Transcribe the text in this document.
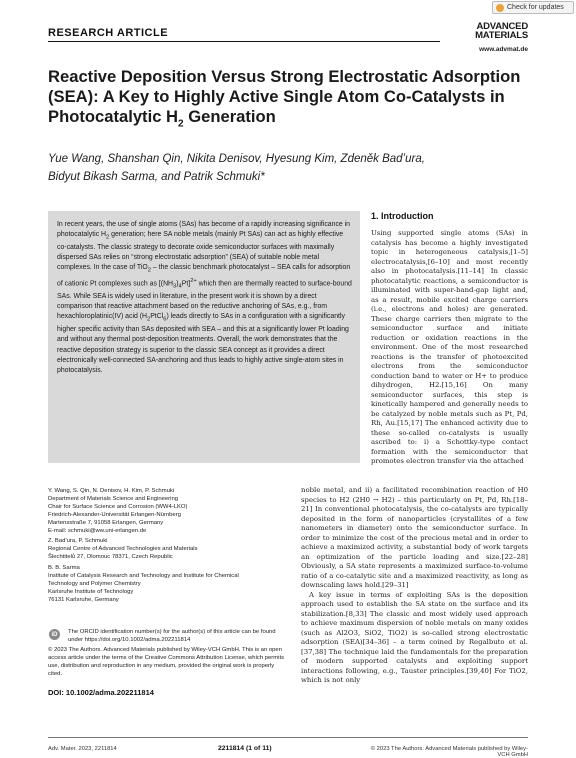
Check for updates
RESEARCH ARTICLE
ADVANCED
MATERIALS
www.advmat.de
Reactive Deposition Versus Strong Electrostatic Adsorption (SEA): A Key to Highly Active Single Atom Co-Catalysts in Photocatalytic $H_2$ Generation
Yue Wang, Shanshan Qin, Nikita Denisov, Hyesung Kim, Zdeněk Bad’ura,
Bidyut Bikash Sarma, and Patrik Schmuki*
In recent years, the use of single atoms (SAs) has become of a rapidly increasing significance in photocatalytic $H_2$ generation; here SA noble metals (mainly Pt SAs) can act as highly effective co-catalysts. The classic strategy to decorate oxide semiconductor surfaces with maximally dispersed SAs relies on “strong electrostatic adsorption” (SEA) of suitable noble metal complexes. In the case of TiO$_2$ – the classic benchmark photocatalyst – SEA calls for adsorption of cationic Pt complexes such as $[(NH_3)_4Pt]^{2+}$ which then are thermally reacted to surface-bound SAs. While SEA is widely used in literature, in the present work it is shown by a direct comparison that reactive attachment based on the reductive anchoring of SAs, e.g., from hexachloroplatinic(IV) acid $(H_2PtCl_6)$ leads directly to SAs in a configuration with a significantly higher specific activity than SAs deposited with SEA – and this at a significantly lower Pt loading and without any thermal post-deposition treatments. Overall, the work demonstrates that the reactive deposition strategy is superior to the classic SEA concept as it provides a direct electronically well-connected SA-anchoring and thus leads to highly active single-atom sites in photocatalysis.
1. Introduction
Using supported single atoms (SAs) in catalysis has become a highly investigated topic in heterogeneous catalysis,[1–5] electrocatalysis,[6–10] and most recently also in photocatalysis.[11–14] In classic photocatalytic reactions, a semiconductor is illuminated with super-band-gap light and, as a result, mobile excited charge carriers (i.e., electrons and holes) are generated. These charge carriers then migrate to the semiconductor surface and initiate reduction or oxidation reactions in the environment. One of the most researched reactions is the transfer of photoexcited electrons from the semiconductor conduction band to water or H+ to produce dihydrogen, H2.[15,16] On many semiconductor surfaces, this step is kinetically hampered and generally needs to be catalyzed by noble metals such as Pt, Pd, Rh, Au.[15,17] The enhanced activity due to these so-called co-catalysts is usually ascribed to: i) a Schottky-type contact formation with the semiconductor that promotes electron transfer via the attached

noble metal, and ii) a facilitated recombination reaction of H0 species to H2 (2H0 → H2) – this particularly on Pt, Pd, Rh.[18–21] In conventional photocatalysis, the co-catalysts are typically deposited in the form of nanoparticles (crystallites of a few nanometers in diameter) onto the semiconductor surface. In order to minimize the cost of the precious metal and in order to achieve a maximized activity, a substantial body of work targets an optimization of the particle loading and size.[22–28] Obviously, a SA state represents a maximized surface-to-volume ratio of a co-catalytic site and a maximized reactivity, as long as downscaling laws hold.[29–31]

A key issue in terms of exploiting SAs is the deposition approach used to establish the SA state on the surface and its stabilization.[8,33] The classic and most widely used approach to achieve maximum dispersion of noble metals on many oxides (such as Al2O3, SiO2, TiO2) is so-called strong electrostatic adsorption (SEA)[34–36] – a term coined by Regalbuto et al.[37,38] The technique laid the fundamentals for the preparation of modern supported catalysts and exploiting support interactions following, e.g., Tauster principles.[39,40] For TiO2, which is not only

Y. Wang, S. Qin, N. Denisov, H. Kim, P. Schmuki
Department of Materials Science and Engineering
Chair for Surface Science and Corrosion (WW4-LKO)
Friedrich-Alexander-Universität Erlangen-Nürnberg
Martensstraße 7, 91058 Erlangen, Germany
E-mail: schmuki@ww.uni-erlangen.de
Z. Bad’ura, P. Schmuki
Regional Centre of Advanced Technologies and Materials
Šlechtitelů 27, Olomouc 78371, Czech Republic
B. B. Sarma
Institute of Catalysis Research and Technology and Institute for Chemical
Technology and Polymer Chemistry
Karlsruhe Institute of Technology
76131 Karlsruhe, Germany
iD	The ORCID identification number(s) for the author(s) of this article can be found under https://doi.org/10.1002/adma.202211814
© 2023 The Authors. Advanced Materials published by Wiley-VCH GmbH. This is an open access article under the terms of the Creative Commons Attribution License, which permits use, distribution and reproduction in any medium, provided the original work is properly cited.
DOI: 10.1002/adma.202211814
Adv. Mater. 2023, 2211814	2211814 (1 of 11)	© 2023 The Authors. Advanced Materials published by Wiley-VCH GmbH
